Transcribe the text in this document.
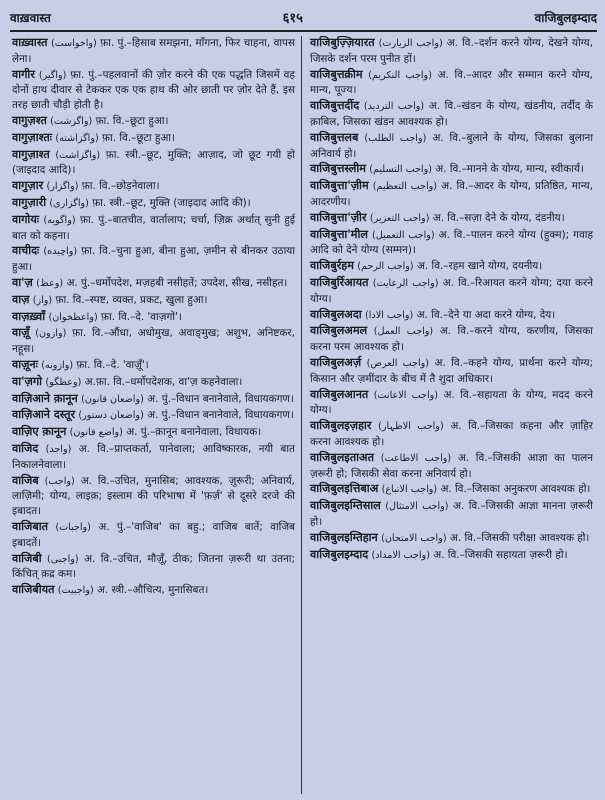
वाख़वास्त	६१५	वाजिबुलइम्दाद

वाख़्वास्त (واخواست) फ़ा. पुं.–हिसाब समझना, माँगना, फिर चाहना, वापस लेना।

वागीर (واگیر) फ़ा. पुं.–पहलवानों की ज़ोर करने की एक पद्धति जिसमें वह दोनों हाथ दीवार से टेककर एक एक हाथ की ओर छाती पर ज़ोर देते हैं, इस तरह छाती चौड़ी होती है।

वागुज़श्त (واگزشت) फ़ा. वि.–छूटा हुआ।

वागुज़ाश्तः (واگزاشته) फ़ा. वि.–छूटा हुआ।

वागुज़ाश्त (واگزاشت) फ़ा. स्त्री.–छूट, मुक्ति; आज़ाद, जो छूट गयी हो (जाइदाद आदि)।

वागुज़ार (واگزار) फ़ा. वि.–छोड़नेवाला।

वागुज़ारी (واگزاری) फ़ा. स्त्री.–छूट, मुक्ति (जाइदाद आदि की)।

वागोयः (واگویه) फ़ा. पुं.–बातचीत, वार्तालाप; चर्चा, ज़िक्र अर्थात् सुनी हुई बात को कहना।

वाचीदः (واچیده) फ़ा. वि.–चुना हुआ, बीना हुआ, ज़मीन से बीनकर उठाया हुआ।

वा'ज़ (وعظ) अ. पुं.–धर्मोपदेश, मज़हबी नसीहतें; उपदेश, सीख, नसीहत।

वाज़ (واز) फ़ा. वि.–स्पष्ट, व्यक्त, प्रकट, खुला हुआ।

वाज़ख़्वाँ (واعظخوان) फ़ा. वि.–दे. 'वाज़गो'।

वाज़ूँ (وازون) फ़ा. वि.–औंधा, अधोमुख, अवाङ्‌मुख; अशुभ, अनिष्टकर, नहूस।

वाज़ूनः (وازونه) फ़ा. वि.–दे. 'वाज़ूँ'।

वा'ज़गो (وعظگو) अ.फ़ा. वि.–धर्मोपदेशक, वा'ज़ कहनेवाला।

वाज़िआने क़ानून (واضعان قانون) अ. पुं.–विधान बनानेवाले, विधायकगण।

वाज़िआने दस्तूर (واضعان دستور) अ. पुं.–विधान बनानेवाले, विधायकगण।

वाज़िए क़ानून (واضع قانون) अ. पुं.–क़ानून बनानेवाला, विधायक।

वाजिद (واجد) अ. वि.–प्राप्तकर्ता, पानेवाला; आविष्कारक, नयी बात निकालनेवाला।

वाजिब (واجب) अ. वि.–उचित, मुनासिब; आवश्यक, ज़ुरूरी; अनिवार्य, लाज़िमी; योग्य, लाइक़; इस्लाम की परिभाषा में 'फ़र्ज़' से दूसरे दरजे की इबादत।

वाजिबात (واجبات) अ. पुं.–'वाजिब' का बहु.; वाजिब बातें; वाजिब इबादतें।

वाजिबी (واجبی) अ. वि.–उचित, मौज़ूँ, ठीक; जितना ज़रूरी था उतना; किंचित्‌ क़द्र कम।

वाजिबीयत (واجبیت) अ. स्त्री.–औचित्य, मुनासिबत।

वाजिबुज़्ज़ियारत (واجب الزیارت) अ. वि.–दर्शन करने योग्य, देखने योग्य, जिसके दर्शन परम पुनीत हों।

वाजिबुत्तक्रीम (واجب التکریم) अ. वि.–आदर और सम्मान करने योग्य, मान्य, पूज्य।

वाजिबुत्तर्दीद (واجب التردید) अ. वि.–खंडन के योग्य, खंडनीय, तर्दीद के क़ाबिल, जिसका खंडन आवश्यक हो।

वाजिबुत्तलब (واجب الطلب) अ. वि.–बुलाने के योग्य, जिसका बुलाना अनिवार्य हो।

वाजिबुत्तस्लीम (واجب التسلیم) अ. वि.–मानने के योग्य, मान्य, स्वीकार्य।

वाजिबुत्ता'ज़ीम (واجب التعظیم) अ. वि.–आदर के योग्य, प्रतिष्ठित, मान्य, आदरणीय।

वाजिबुत्ता'ज़ीर (واجب التعزیر) अ. वि.–सज़ा देने के योग्य, दंडनीय।

वाजिबुत्ता'मील (واجب التعمیل) अ. वि.–पालन करने योग्य (हुक्म); गवाह आदि को देने योग्य (सम्मन)।

वाजिबुर्रहम (واجب الرحم) अ. वि.–रहम खाने योग्य, दयनीय।

वाजिबुर्रिआयत (واجب الرعایت) अ. वि.–रिआयत करने योग्य; दया करने योग्य।

वाजिबुलअदा (واجب الادا) अ. वि.–देने या अदा करने योग्य, देय।

वाजिबुलअमल (واجب العمل) अ. वि.–करने योग्य, करणीय, जिसका करना परम आवश्यक हो।

वाजिबुलअर्ज़ (واجب العرض) अ. वि.–कहने योग्य, प्रार्थना करने योग्य; किसान और ज़मींदार के बीच में तै शुदा अधिकार।

वाजिबुलआनत (واجب الاعانت) अ. वि.–सहायता के योग्य, मदद करने योग्य।

वाजिबुलइज़हार (واجب الاظہار) अ. वि.–जिसका कहना और ज़ाहिर करना आवश्यक हो।

वाजिबुलइताअत (واجب الاطاعت) अ. वि.–जिसकी आज्ञा का पालन ज़रूरी हो; जिसकी सेवा करना अनिवार्य हो।

वाजिबुलइत्तिबाअ (واجب الاتباع) अ. वि.–जिसका अनुकरण आवश्यक हो।

वाजिबुलइम्तिसाल (واجب الامتثال) अ. वि.–जिसकी आज्ञा मानना ज़रूरी हो।

वाजिबुलइम्तिहान (واجب الامتحان) अ. वि.–जिसकी परीक्षा आवश्यक हो।

वाजिबुलइम्दाद (واجب الامداد) अ. वि.–जिसकी सहायता ज़रूरी हो।
